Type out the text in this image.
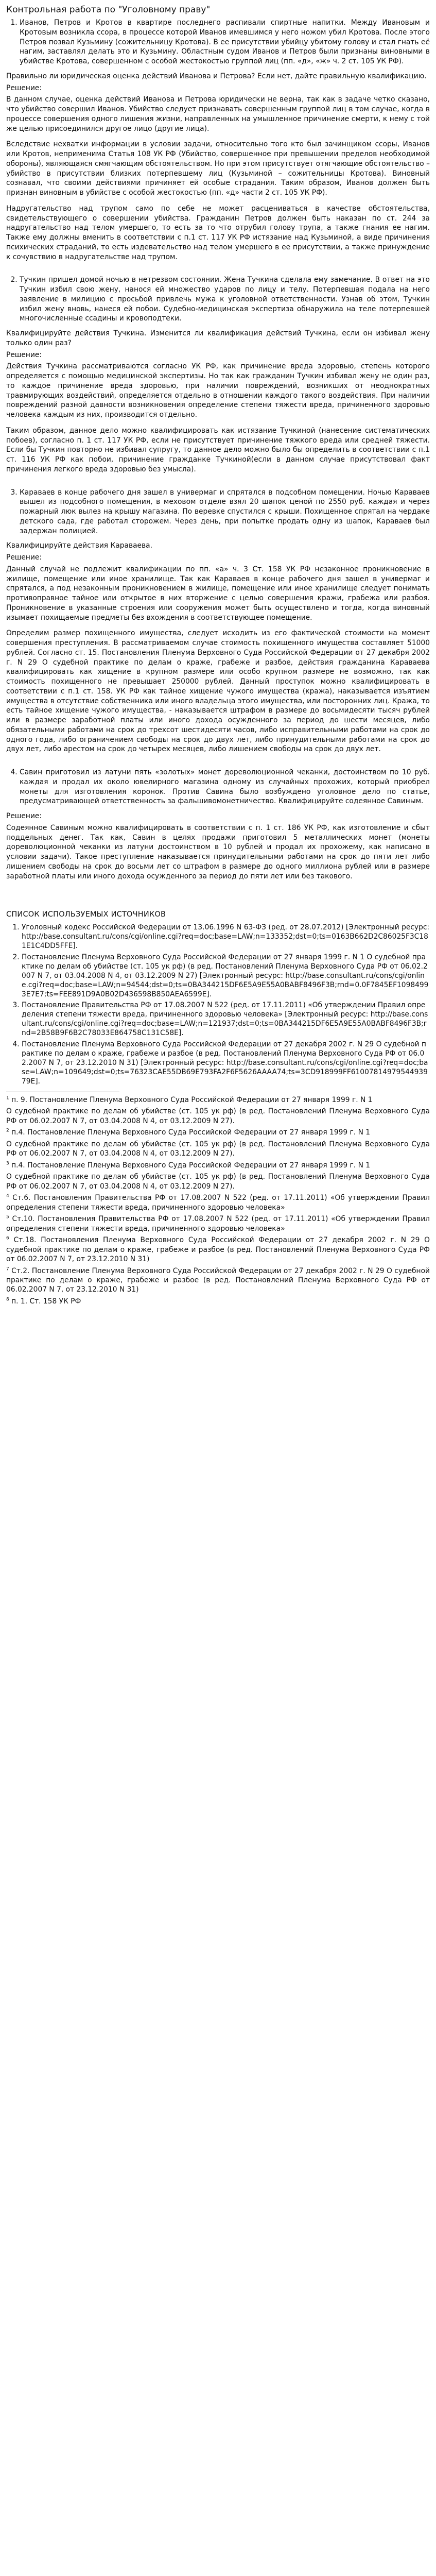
Контрольная работа по "Уголовному праву"
1. Иванов, Петров и Кротов в квартире последнего распивали спиртные напитки. Между Ивановым и Кротовым возникла ссора, в процессе которой Иванов имевшимся у него ножом убил Кротова. После этого Петров позвал Кузьмину (сожительницу Кротова). В ее присутствии убийцу убитому голову и стал гнать её нагим, заставлял делать это и Кузьмину. Областным судом Иванов и Петров были признаны виновными в убийстве Кротова, совершенном с особой жестокостью группой лиц (пп. «д», «ж» ч. 2 ст. 105 УК РФ).

Правильно ли юридическая оценка действий Иванова и Петрова? Если нет, дайте правильную квалификацию.

Решение:

В данном случае, оценка действий Иванова и Петрова юридически не верна, так как в задаче четко сказано, что убийство совершил Иванов. Убийство следует признавать совершенным группой лиц в том случае, когда в процессе совершения одного лишения жизни, направленных на умышленное причинение смерти, к нему с той же целью присоединился другое лицо (другие лица).

Вследствие нехватки информации в условии задачи, относительно того кто был зачинщиком ссоры, Иванов или Кротов, неприменима Статья 108 УК РФ (Убийство, совершенное при превышении пределов необходимой обороны), являющаяся смягчающим обстоятельством. Но при этом присутствует отягчающие обстоятельство – убийство в присутствии близких потерпевшему лиц (Кузьминой – сожительницы Кротова). Виновный сознавал, что своими действиями причиняет ей особые страдания. Таким образом, Иванов должен быть признан виновным в убийстве с особой жестокостью (пп. «д» части 2 ст. 105 УК РФ).

Надругательство над трупом само по себе не может расцениваться в качестве обстоятельства, свидетельствующего о совершении убийства. Гражданин Петров должен быть наказан по ст. 244 за надругательство над телом умершего, то есть за то что отрубил голову трупа, а также гнания ее нагим. Также ему должны вменить в соответствии с п.1 ст. 117 УК РФ истязание над Кузьминой, а виде причинения психических страданий, то есть издевательство над телом умершего в ее присутствии, а также принуждение к сочувствию в надругательстве над трупом.

2. Тучкин пришел домой ночью в нетрезвом состоянии. Жена Тучкина сделала ему замечание. В ответ на это Тучкин избил свою жену, нанося ей множество ударов по лицу и телу. Потерпевшая подала на него заявление в милицию с просьбой привлечь мужа к уголовной ответственности. Узнав об этом, Тучкин избил жену вновь, нанеся ей побои. Судебно-медицинская экспертиза обнаружила на теле потерпевшей многочисленные ссадины и кровоподтеки.

Квалифицируйте действия Тучкина. Изменится ли квалификация действий Тучкина, если он избивал жену только один раз?

Решение:

Действия Тучкина рассматриваются согласно УК РФ, как причинение вреда здоровью, степень которого определяется с помощью медицинской экспертизы. Но так как гражданин Тучкин избивал жену не один раз, то каждое причинение вреда здоровью, при наличии повреждений, возникших от неоднократных травмирующих воздействий, определяется отдельно в отношении каждого такого воздействия. При наличии повреждений разной давности возникновения определение степени тяжести вреда, причиненного здоровью человека каждым из них, производится отдельно.

Таким образом, данное дело можно квалифицировать как истязание Тучкиной (нанесение систематических побоев), согласно п. 1 ст. 117 УК РФ, если не присутствует причинение тяжкого вреда или средней тяжести. Если бы Тучкин повторно не избивал супругу, то данное дело можно было бы определить в соответствии с п.1 ст. 116 УК РФ как побои, причинение гражданке Тучкиной(если в данном случае присутствовал факт причинения легкого вреда здоровью без умысла).

3. Караваев в конце рабочего дня зашел в универмаг и спрятался в подсобном помещении. Ночью Караваев вышел из подсобного помещения, в меховом отделе взял 20 шапок ценой по 2550 руб. каждая и через пожарный люк вылез на крышу магазина. По веревке спустился с крыши. Похищенное спрятал на чердаке детского сада, где работал сторожем. Через день, при попытке продать одну из шапок, Караваев был задержан полицией.

Квалифицируйте действия Караваева.

Решение:

Данный случай не подлежит квалификации по пп. «а» ч. 3 Ст. 158 УК РФ незаконное проникновение в жилище, помещение или иное хранилище. Так как Караваев в конце рабочего дня зашел в универмаг и спрятался, а под незаконным проникновением в жилище, помещение или иное хранилище следует понимать противоправное тайное или открытое в них вторжение с целью совершения кражи, грабежа или разбоя. Проникновение в указанные строения или сооружения может быть осуществлено и тогда, когда виновный изымает похищаемые предметы без вхождения в соответствующее помещение.

Определим размер похищенного имущества, следует исходить из его фактической стоимости на момент совершения преступления. В рассматриваемом случае стоимость похищенного имущества составляет 51000 рублей. Согласно ст. 15. Постановления Пленума Верховного Суда Российской Федерации от 27 декабря 2002 г. N 29 О судебной практике по делам о краже, грабеже и разбое, действия гражданина Караваева квалифицировать как хищение в крупном размере или особо крупном размере не возможно, так как стоимость похищенного не превышает 250000 рублей. Данный проступок можно квалифицировать в соответствии с п.1 ст. 158. УК РФ как тайное хищение чужого имущества (кража), наказывается изъятием имущества в отсутствие собственника или иного владельца этого имущества, или посторонних лиц. Кража, то есть тайное хищение чужого имущества, - наказывается штрафом в размере до восьмидесяти тысяч рублей или в размере заработной платы или иного дохода осужденного за период до шести месяцев, либо обязательными работами на срок до трехсот шестидесяти часов, либо исправительными работами на срок до одного года, либо ограничением свободы на срок до двух лет, либо принудительными работами на срок до двух лет, либо арестом на срок до четырех месяцев, либо лишением свободы на срок до двух лет.

4. Савин приготовил из латуни пять «золотых» монет дореволюционной чеканки, достоинством по 10 руб. каждая и продал их около ювелирного магазина одному из случайных прохожих, который приобрел монеты для изготовления коронок. Против Савина было возбуждено уголовное дело по статье, предусматривающей ответственность за фальшивомонетничество. Квалифицируйте содеянное Савиным.

Решение:

Содеянное Савиным можно квалифицировать в соответствии с п. 1 ст. 186 УК РФ, как изготовление и сбыт поддельных денег. Так как, Савин в целях продажи приготовил 5 металлических монет (монеты дореволюционной чеканки из латуни достоинством в 10 рублей и продал их прохожему, как написано в условии задачи). Такое преступление наказывается принудительными работами на срок до пяти лет либо лишением свободы на срок до восьми лет со штрафом в размере до одного миллиона рублей или в размере заработной платы или иного дохода осужденного за период до пяти лет или без такового.

СПИСОК ИСПОЛЬЗУЕМЫХ ИСТОЧНИКОВ
1. Уголовный кодекс Российской Федерации от 13.06.1996 N 63-ФЗ (ред. от 28.07.2012) [Электронный ресурс: http://base.consultant.ru/cons/cgi/online.cgi?req=doc;base=LAW;n=133352;dst=0;ts=0163B662D2C86025F3C181E1C4DD5FFE].
2. Постановление Пленума Верховного Суда Российской Федерации от 27 января 1999 г. N 1 О судебной практике по делам об убийстве (ст. 105 ук рф) (в ред. Постановлений Пленума Верховного Суда РФ от 06.02.2007 N 7, от 03.04.2008 N 4, от 03.12.2009 N 27) [Электронный ресурс: http://base.consultant.ru/cons/cgi/online.cgi?req=doc;base=LAW;n=94544;dst=0;ts=0BA344215DF6E5A9E55A0BABF8496F3B;rnd=0.0F7845EF10984993E7E7;ts=FEE891D9A0B02D436598B850AEA6599E].
3. Постановление Правительства РФ от 17.08.2007 N 522 (ред. от 17.11.2011) «Об утверждении Правил определения степени тяжести вреда, причиненного здоровью человека» [Электронный ресурс: http://base.consultant.ru/cons/cgi/online.cgi?req=doc;base=LAW;n=121937;dst=0;ts=0BA344215DF6E5A9E55A0BABF8496F3B;rnd=2B58B9F6B2C78033E864758C131C58E].
4. Постановление Пленума Верховного Суда Российской Федерации от 27 декабря 2002 г. N 29 О судебной практике по делам о краже, грабеже и разбое (в ред. Постановлений Пленума Верховного Суда РФ от 06.02.2007 N 7, от 23.12.2010 N 31) [Электронный ресурс: http://base.consultant.ru/cons/cgi/online.cgi?req=doc;base=LAW;n=109649;dst=0;ts=76323CAE55DB69E793FA2F6F5626AAAA74;ts=3CD918999FF6100781497954493979E].
$^1$ п. 9. Постановление Пленума Верховного Суда Российской Федерации от 27 января 1999 г. N 1
О судебной практике по делам об убийстве (ст. 105 ук рф) (в ред. Постановлений Пленума Верховного Суда РФ от 06.02.2007 N 7, от 03.04.2008 N 4, от 03.12.2009 N 27).
$^2$ п.4. Постановление Пленума Верховного Суда Российской Федерации от 27 января 1999 г. N 1
О судебной практике по делам об убийстве (ст. 105 ук рф) (в ред. Постановлений Пленума Верховного Суда РФ от 06.02.2007 N 7, от 03.04.2008 N 4, от 03.12.2009 N 27).
$^3$ п.4. Постановление Пленума Верховного Суда Российской Федерации от 27 января 1999 г. N 1
О судебной практике по делам об убийстве (ст. 105 ук рф) (в ред. Постановлений Пленума Верховного Суда РФ от 06.02.2007 N 7, от 03.04.2008 N 4, от 03.12.2009 N 27).
$^4$ Ст.6. Постановления Правительства РФ от 17.08.2007 N 522 (ред. от 17.11.2011) «Об утверждении Правил определения степени тяжести вреда, причиненного здоровью человека»
$^5$ Ст.10. Постановления Правительства РФ от 17.08.2007 N 522 (ред. от 17.11.2011) «Об утверждении Правил определения степени тяжести вреда, причиненного здоровью человека»
$^6$ Ст.18. Постановления Пленума Верховного Суда Российской Федерации от 27 декабря 2002 г. N 29 О судебной практике по делам о краже, грабеже и разбое (в ред. Постановлений Пленума Верховного Суда РФ от 06.02.2007 N 7, от 23.12.2010 N 31)
$^7$ Ст.2. Постановление Пленума Верховного Суда Российской Федерации от 27 декабря 2002 г. N 29 О судебной практике по делам о краже, грабеже и разбое (в ред. Постановлений Пленума Верховного Суда РФ от 06.02.2007 N 7, от 23.12.2010 N 31)
$^8$ п. 1. Ст. 158 УК РФ
